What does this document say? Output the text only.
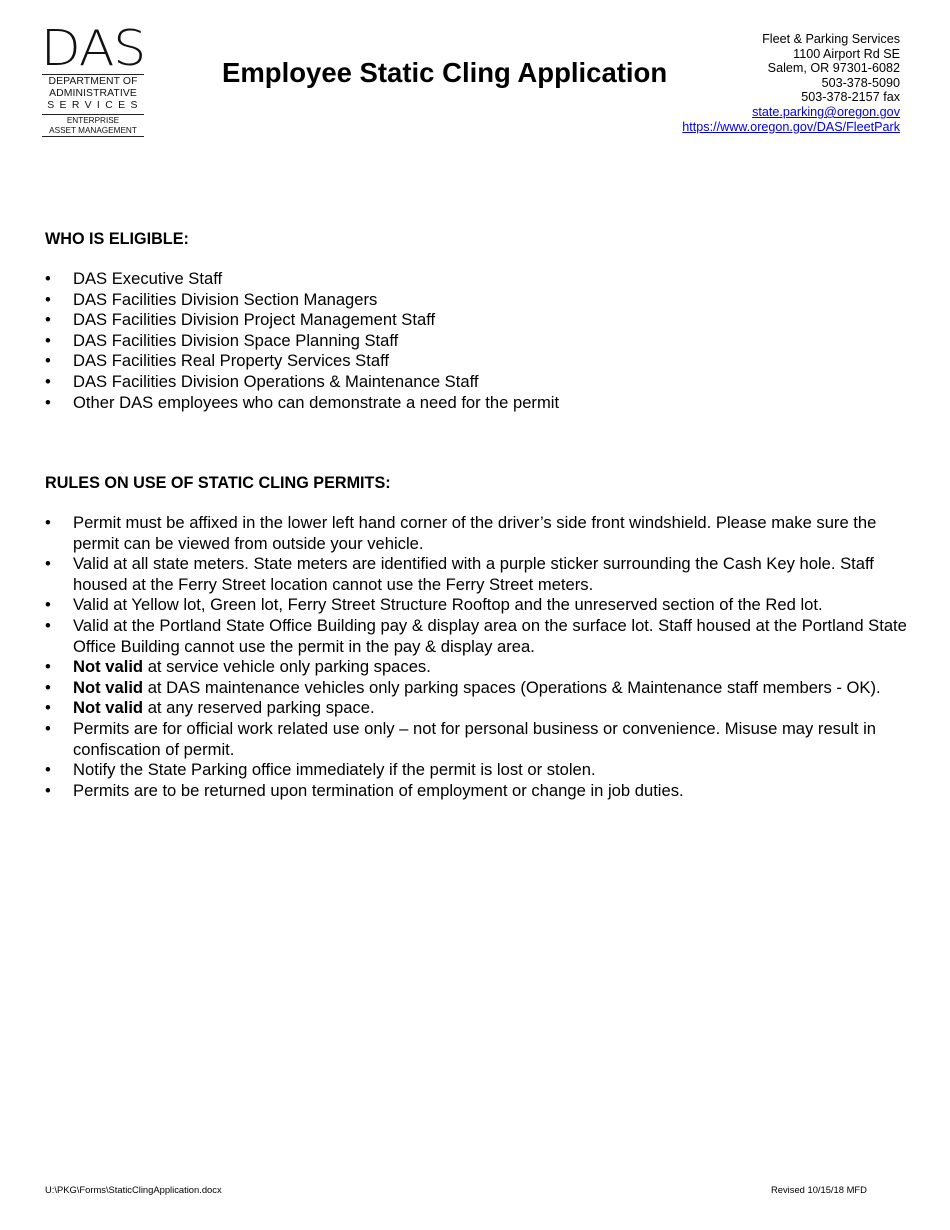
DAS
DEPARTMENT OF
ADMINISTRATIVE
SERVICES
ENTERPRISE
ASSET MANAGEMENT
Employee Static Cling Application
Fleet & Parking Services
1100 Airport Rd SE
Salem, OR 97301-6082
503-378-5090
503-378-2157 fax
state.parking@oregon.gov
https://www.oregon.gov/DAS/FleetPark
WHO IS ELIGIBLE:
• DAS Executive Staff
• DAS Facilities Division Section Managers
• DAS Facilities Division Project Management Staff
• DAS Facilities Division Space Planning Staff
• DAS Facilities Real Property Services Staff
• DAS Facilities Division Operations & Maintenance Staff
• Other DAS employees who can demonstrate a need for the permit
RULES ON USE OF STATIC CLING PERMITS:
• Permit must be affixed in the lower left hand corner of the driver’s side front windshield. Please make sure the permit can be viewed from outside your vehicle.
• Valid at all state meters. State meters are identified with a purple sticker surrounding the Cash Key hole. Staff housed at the Ferry Street location cannot use the Ferry Street meters.
• Valid at Yellow lot, Green lot, Ferry Street Structure Rooftop and the unreserved section of the Red lot.
• Valid at the Portland State Office Building pay & display area on the surface lot. Staff housed at the Portland State Office Building cannot use the permit in the pay & display area.
• Not valid at service vehicle only parking spaces.
• Not valid at DAS maintenance vehicles only parking spaces (Operations & Maintenance staff members - OK).
• Not valid at any reserved parking space.
• Permits are for official work related use only – not for personal business or convenience. Misuse may result in confiscation of permit.
• Notify the State Parking office immediately if the permit is lost or stolen.
• Permits are to be returned upon termination of employment or change in job duties.
U:\PKG\Forms\StaticClingApplication.docx	Revised 10/15/18 MFD
